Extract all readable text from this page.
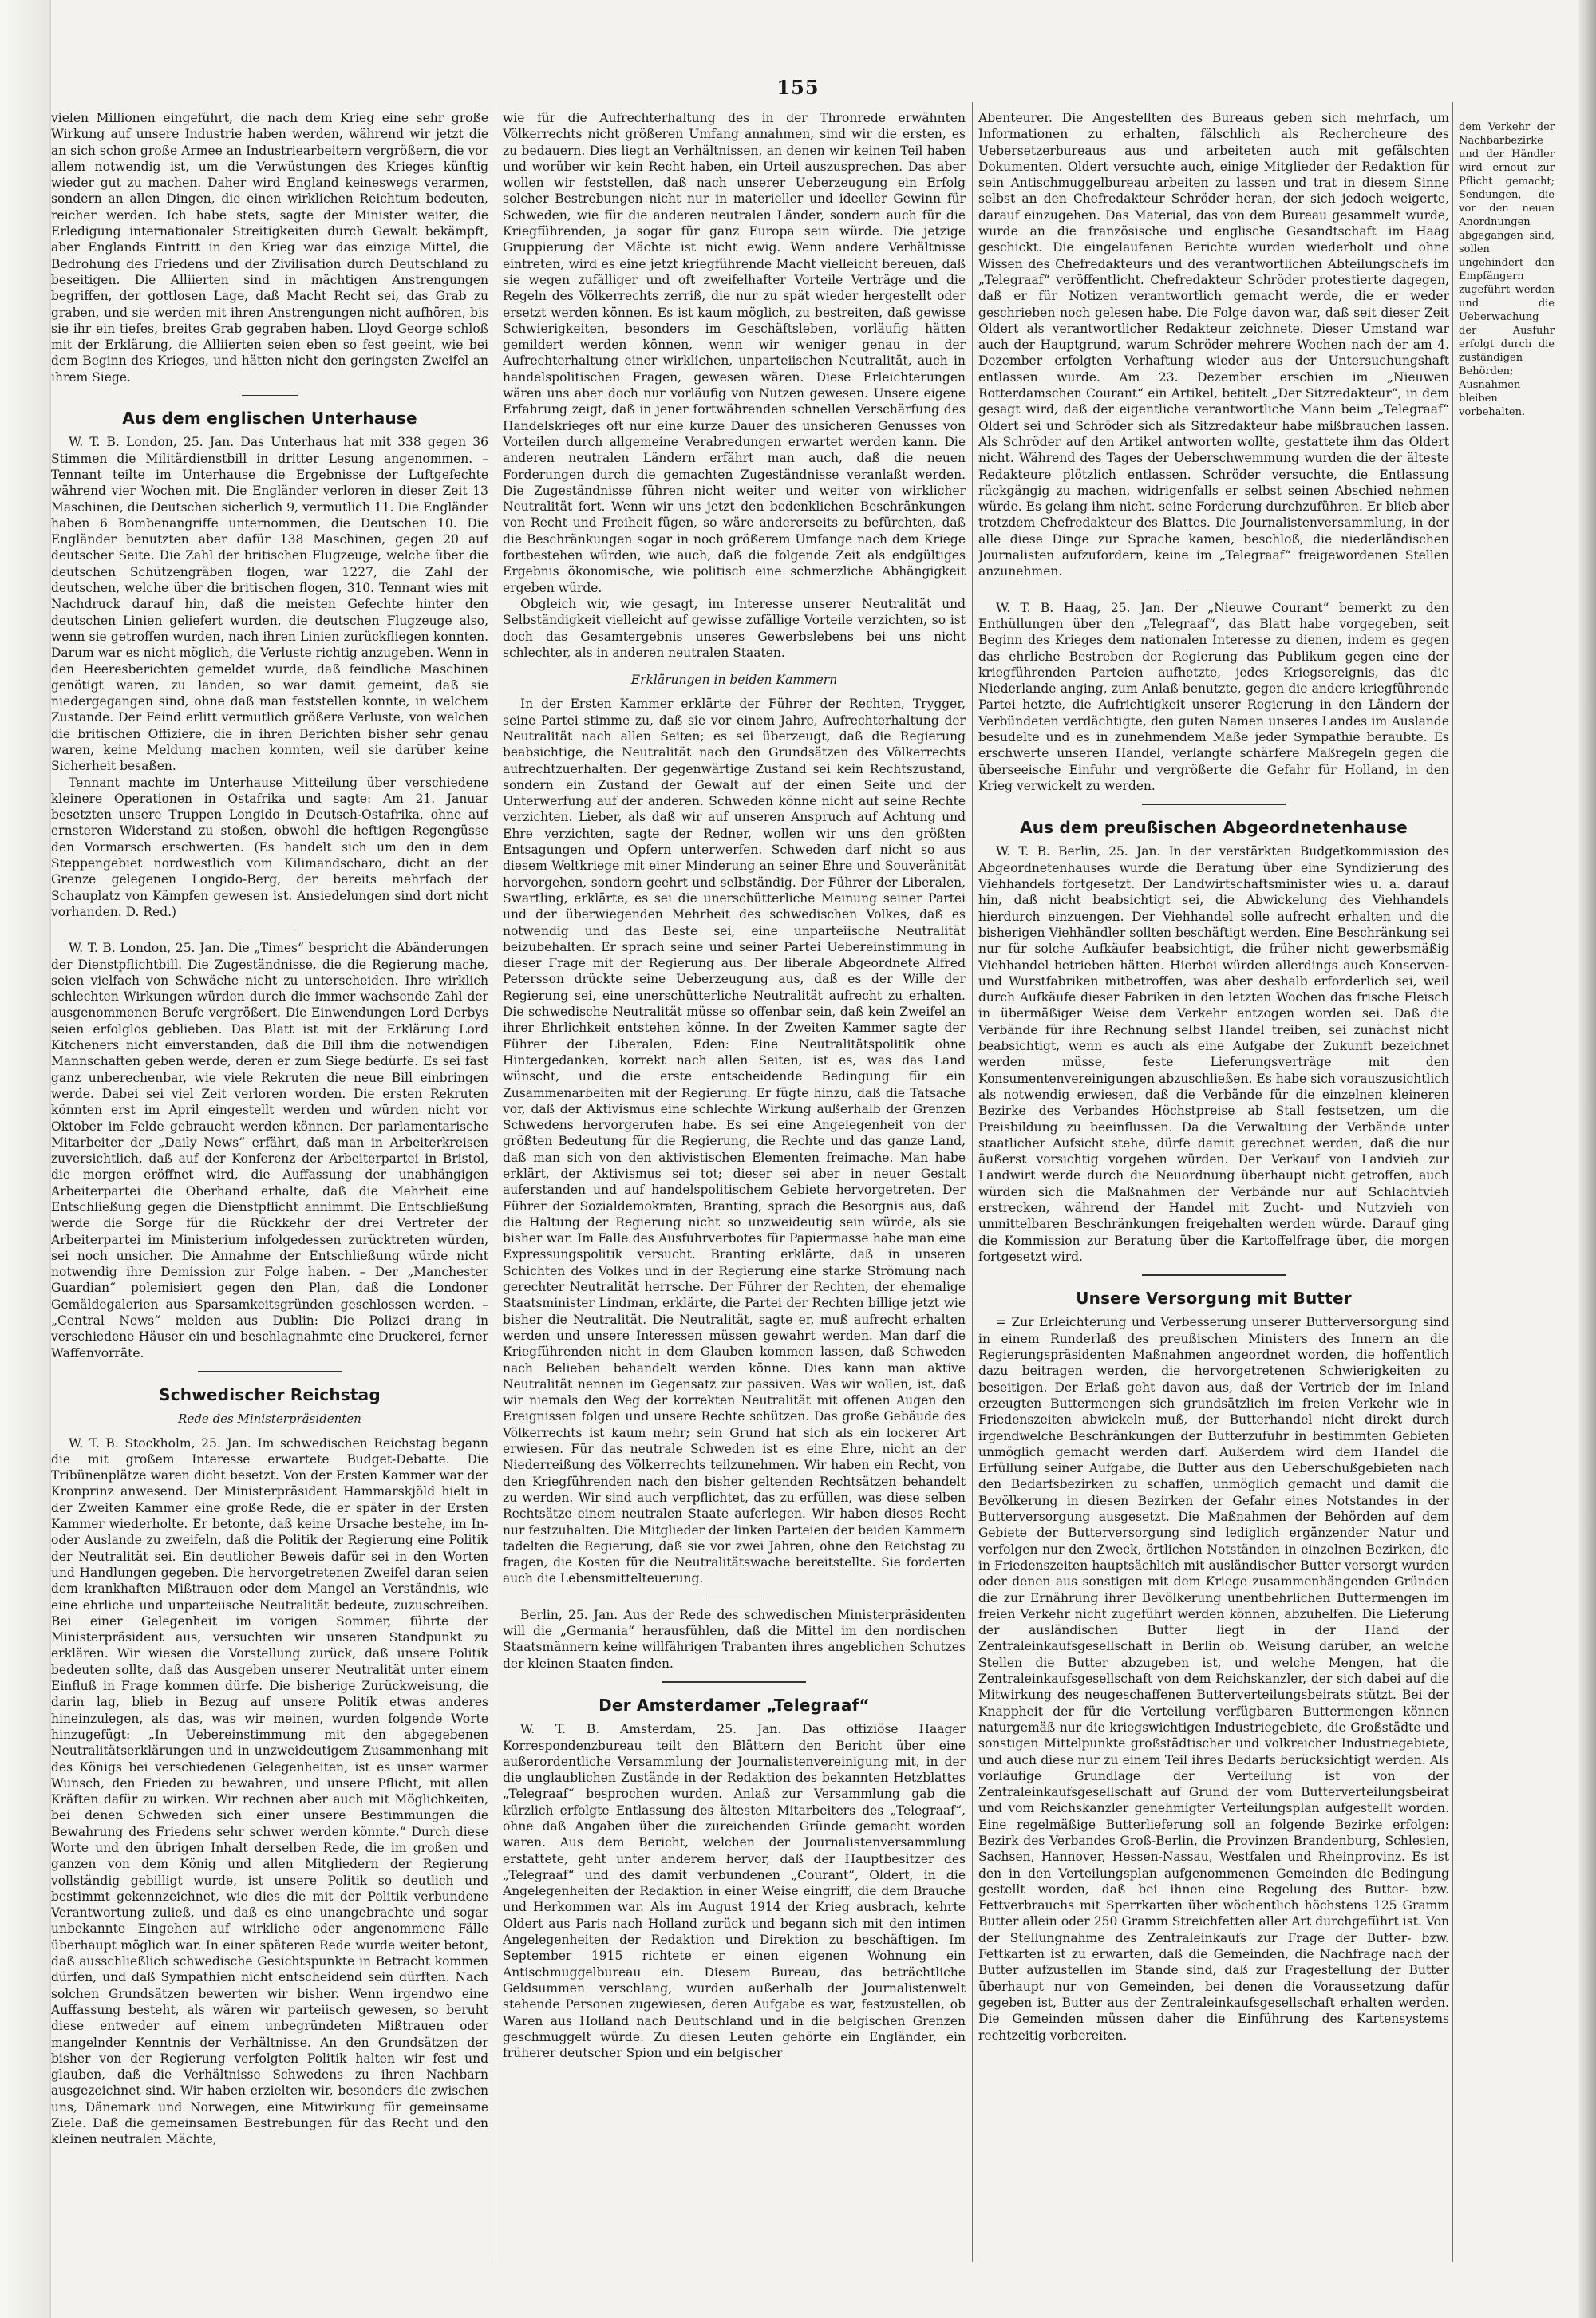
155

vielen Millionen eingeführt, die nach dem Krieg eine sehr große Wirkung auf unsere Industrie haben werden, während wir jetzt die an sich schon große Armee an Industriearbeitern vergrößern, die vor allem notwendig ist, um die Verwüstungen des Krieges künftig wieder gut zu machen. Daher wird England keineswegs verarmen, sondern an allen Dingen, die einen wirklichen Reichtum bedeuten, reicher werden. Ich habe stets, sagte der Minister weiter, die Erledigung internationaler Streitigkeiten durch Gewalt bekämpft, aber Englands Eintritt in den Krieg war das einzige Mittel, die Bedrohung des Friedens und der Zivilisation durch Deutschland zu beseitigen. Die Alliierten sind in mächtigen Anstrengungen begriffen, der gottlosen Lage, daß Macht Recht sei, das Grab zu graben, und sie werden mit ihren Anstrengungen nicht aufhören, bis sie ihr ein tiefes, breites Grab gegraben haben. Lloyd George schloß mit der Erklärung, die Alliierten seien eben so fest geeint, wie bei dem Beginn des Krieges, und hätten nicht den geringsten Zweifel an ihrem Siege.

Aus dem englischen Unterhause

W. T. B. London, 25. Jan. Das Unterhaus hat mit 338 gegen 36 Stimmen die Militärdienstbill in dritter Lesung angenommen. – Tennant teilte im Unterhause die Ergebnisse der Luftgefechte während vier Wochen mit. Die Engländer verloren in dieser Zeit 13 Maschinen, die Deutschen sicherlich 9, vermutlich 11. Die Engländer haben 6 Bombenangriffe unternommen, die Deutschen 10. Die Engländer benutzten aber dafür 138 Maschinen, gegen 20 auf deutscher Seite. Die Zahl der britischen Flugzeuge, welche über die deutschen Schützengräben flogen, war 1227, die Zahl der deutschen, welche über die britischen flogen, 310. Tennant wies mit Nachdruck darauf hin, daß die meisten Gefechte hinter den deutschen Linien geliefert wurden, die deutschen Flugzeuge also, wenn sie getroffen wurden, nach ihren Linien zurückfliegen konnten. Darum war es nicht möglich, die Verluste richtig anzugeben. Wenn in den Heeresberichten gemeldet wurde, daß feindliche Maschinen genötigt waren, zu landen, so war damit gemeint, daß sie niedergegangen sind, ohne daß man feststellen konnte, in welchem Zustande. Der Feind erlitt vermutlich größere Verluste, von welchen die britischen Offiziere, die in ihren Berichten bisher sehr genau waren, keine Meldung machen konnten, weil sie darüber keine Sicherheit besaßen.

Tennant machte im Unterhause Mitteilung über verschiedene kleinere Operationen in Ostafrika und sagte: Am 21. Januar besetzten unsere Truppen Longido in Deutsch-Ostafrika, ohne auf ernsteren Widerstand zu stoßen, obwohl die heftigen Regengüsse den Vormarsch erschwerten. (Es handelt sich um den in dem Steppengebiet nordwestlich vom Kilimandscharo, dicht an der Grenze gelegenen Longido-Berg, der bereits mehrfach der Schauplatz von Kämpfen gewesen ist. Ansiedelungen sind dort nicht vorhanden. D. Red.)

W. T. B. London, 25. Jan. Die „Times“ bespricht die Abänderungen der Dienstpflichtbill. Die Zugeständnisse, die die Regierung mache, seien vielfach von Schwäche nicht zu unterscheiden. Ihre wirklich schlechten Wirkungen würden durch die immer wachsende Zahl der ausgenommenen Berufe vergrößert. Die Einwendungen Lord Derbys seien erfolglos geblieben. Das Blatt ist mit der Erklärung Lord Kitcheners nicht einverstanden, daß die Bill ihm die notwendigen Mannschaften geben werde, deren er zum Siege bedürfe. Es sei fast ganz unberechenbar, wie viele Rekruten die neue Bill einbringen werde. Dabei sei viel Zeit verloren worden. Die ersten Rekruten könnten erst im April eingestellt werden und würden nicht vor Oktober im Felde gebraucht werden können. Der parlamentarische Mitarbeiter der „Daily News“ erfährt, daß man in Arbeiterkreisen zuversichtlich, daß auf der Konferenz der Arbeiterpartei in Bristol, die morgen eröffnet wird, die Auffassung der unabhängigen Arbeiterpartei die Oberhand erhalte, daß die Mehrheit eine Entschließung gegen die Dienstpflicht annimmt. Die Entschließung werde die Sorge für die Rückkehr der drei Vertreter der Arbeiterpartei im Ministerium infolgedessen zurücktreten würden, sei noch unsicher. Die Annahme der Entschließung würde nicht notwendig ihre Demission zur Folge haben. – Der „Manchester Guardian“ polemisiert gegen den Plan, daß die Londoner Gemäldegalerien aus Sparsamkeitsgründen geschlossen werden. – „Central News“ melden aus Dublin: Die Polizei drang in verschiedene Häuser ein und beschlagnahmte eine Druckerei, ferner Waffenvorräte.

Schwedischer Reichstag
Rede des Ministerpräsidenten

W. T. B. Stockholm, 25. Jan. Im schwedischen Reichstag begann die mit großem Interesse erwartete Budget-Debatte. Die Tribünenplätze waren dicht besetzt. Von der Ersten Kammer war der Kronprinz anwesend. Der Ministerpräsident Hammarskjöld hielt in der Zweiten Kammer eine große Rede, die er später in der Ersten Kammer wiederholte. Er betonte, daß keine Ursache bestehe, im In- oder Auslande zu zweifeln, daß die Politik der Regierung eine Politik der Neutralität sei. Ein deutlicher Beweis dafür sei in den Worten und Handlungen gegeben. Die hervorgetretenen Zweifel daran seien dem krankhaften Mißtrauen oder dem Mangel an Verständnis, wie eine ehrliche und unparteiische Neutralität bedeute, zuzuschreiben. Bei einer Gelegenheit im vorigen Sommer, führte der Ministerpräsident aus, versuchten wir unseren Standpunkt zu erklären. Wir wiesen die Vorstellung zurück, daß unsere Politik bedeuten sollte, daß das Ausgeben unserer Neutralität unter einem Einfluß in Frage kommen dürfe. Die bisherige Zurückweisung, die darin lag, blieb in Bezug auf unsere Politik etwas anderes hineinzulegen, als das, was wir meinen, wurden folgende Worte hinzugefügt: „In Uebereinstimmung mit den abgegebenen Neutralitätserklärungen und in unzweideutigem Zusammenhang mit des Königs bei verschiedenen Gelegenheiten, ist es unser warmer Wunsch, den Frieden zu bewahren, und unsere Pflicht, mit allen Kräften dafür zu wirken. Wir rechnen aber auch mit Möglichkeiten, bei denen Schweden sich einer unsere Bestimmungen die Bewahrung des Friedens sehr schwer werden könnte.“ Durch diese Worte und den übrigen Inhalt derselben Rede, die im großen und ganzen von dem König und allen Mitgliedern der Regierung vollständig gebilligt wurde, ist unsere Politik so deutlich und bestimmt gekennzeichnet, wie dies die mit der Politik verbundene Verantwortung zuließ, und daß es eine unangebrachte und sogar unbekannte Eingehen auf wirkliche oder angenommene Fälle überhaupt möglich war. In einer späteren Rede wurde weiter betont, daß ausschließlich schwedische Gesichtspunkte in Betracht kommen dürfen, und daß Sympathien nicht entscheidend sein dürften. Nach solchen Grundsätzen bewerten wir bisher. Wenn irgendwo eine Auffassung besteht, als wären wir parteiisch gewesen, so beruht diese entweder auf einem unbegründeten Mißtrauen oder mangelnder Kenntnis der Verhältnisse. An den Grundsätzen der bisher von der Regierung verfolgten Politik halten wir fest und glauben, daß die Verhältnisse Schwedens zu ihren Nachbarn ausgezeichnet sind. Wir haben erzielten wir, besonders die zwischen uns, Dänemark und Norwegen, eine Mitwirkung für gemeinsame Ziele. Daß die gemeinsamen Bestrebungen für das Recht und den kleinen neutralen Mächte,

wie für die Aufrechterhaltung des in der Thronrede erwähnten Völkerrechts nicht größeren Umfang annahmen, sind wir die ersten, es zu bedauern. Dies liegt an Verhältnissen, an denen wir keinen Teil haben und worüber wir kein Recht haben, ein Urteil auszusprechen. Das aber wollen wir feststellen, daß nach unserer Ueberzeugung ein Erfolg solcher Bestrebungen nicht nur in materieller und ideeller Gewinn für Schweden, wie für die anderen neutralen Länder, sondern auch für die Kriegführenden, ja sogar für ganz Europa sein würde. Die jetzige Gruppierung der Mächte ist nicht ewig. Wenn andere Verhältnisse eintreten, wird es eine jetzt kriegführende Macht vielleicht bereuen, daß sie wegen zufälliger und oft zweifelhafter Vorteile Verträge und die Regeln des Völkerrechts zerriß, die nur zu spät wieder hergestellt oder ersetzt werden können. Es ist kaum möglich, zu bestreiten, daß gewisse Schwierigkeiten, besonders im Geschäftsleben, vorläufig hätten gemildert werden können, wenn wir weniger genau in der Aufrechterhaltung einer wirklichen, unparteiischen Neutralität, auch in handelspolitischen Fragen, gewesen wären. Diese Erleichterungen wären uns aber doch nur vorläufig von Nutzen gewesen. Unsere eigene Erfahrung zeigt, daß in jener fortwährenden schnellen Verschärfung des Handelskrieges oft nur eine kurze Dauer des unsicheren Genusses von Vorteilen durch allgemeine Verabredungen erwartet werden kann. Die anderen neutralen Ländern erfährt man auch, daß die neuen Forderungen durch die gemachten Zugeständnisse veranlaßt werden. Die Zugeständnisse führen nicht weiter und weiter von wirklicher Neutralität fort. Wenn wir uns jetzt den bedenklichen Beschränkungen von Recht und Freiheit fügen, so wäre andererseits zu befürchten, daß die Beschränkungen sogar in noch größerem Umfange nach dem Kriege fortbestehen würden, wie auch, daß die folgende Zeit als endgültiges Ergebnis ökonomische, wie politisch eine schmerzliche Abhängigkeit ergeben würde.

Obgleich wir, wie gesagt, im Interesse unserer Neutralität und Selbständigkeit vielleicht auf gewisse zufällige Vorteile verzichten, so ist doch das Gesamtergebnis unseres Gewerbslebens bei uns nicht schlechter, als in anderen neutralen Staaten.

Erklärungen in beiden Kammern

In der Ersten Kammer erklärte der Führer der Rechten, Trygger, seine Partei stimme zu, daß sie vor einem Jahre, Aufrechterhaltung der Neutralität nach allen Seiten; es sei überzeugt, daß die Regierung beabsichtige, die Neutralität nach den Grundsätzen des Völkerrechts aufrechtzuerhalten. Der gegenwärtige Zustand sei kein Rechtszustand, sondern ein Zustand der Gewalt auf der einen Seite und der Unterwerfung auf der anderen. Schweden könne nicht auf seine Rechte verzichten. Lieber, als daß wir auf unseren Anspruch auf Achtung und Ehre verzichten, sagte der Redner, wollen wir uns den größten Entsagungen und Opfern unterwerfen. Schweden darf nicht so aus diesem Weltkriege mit einer Minderung an seiner Ehre und Souveränität hervorgehen, sondern geehrt und selbständig. Der Führer der Liberalen, Swartling, erklärte, es sei die unerschütterliche Meinung seiner Partei und der überwiegenden Mehrheit des schwedischen Volkes, daß es notwendig und das Beste sei, eine unparteiische Neutralität beizubehalten. Er sprach seine und seiner Partei Uebereinstimmung in dieser Frage mit der Regierung aus. Der liberale Abgeordnete Alfred Petersson drückte seine Ueberzeugung aus, daß es der Wille der Regierung sei, eine unerschütterliche Neutralität aufrecht zu erhalten. Die schwedische Neutralität müsse so offenbar sein, daß kein Zweifel an ihrer Ehrlichkeit entstehen könne. In der Zweiten Kammer sagte der Führer der Liberalen, Eden: Eine Neutralitätspolitik ohne Hintergedanken, korrekt nach allen Seiten, ist es, was das Land wünscht, und die erste entscheidende Bedingung für ein Zusammenarbeiten mit der Regierung. Er fügte hinzu, daß die Tatsache vor, daß der Aktivismus eine schlechte Wirkung außerhalb der Grenzen Schwedens hervorgerufen habe. Es sei eine Angelegenheit von der größten Bedeutung für die Regierung, die Rechte und das ganze Land, daß man sich von den aktivistischen Elementen freimache. Man habe erklärt, der Aktivismus sei tot; dieser sei aber in neuer Gestalt auferstanden und auf handelspolitischem Gebiete hervorgetreten. Der Führer der Sozialdemokraten, Branting, sprach die Besorgnis aus, daß die Haltung der Regierung nicht so unzweideutig sein würde, als sie bisher war. Im Falle des Ausfuhrverbotes für Papiermasse habe man eine Expressungspolitik versucht. Branting erklärte, daß in unseren Schichten des Volkes und in der Regierung eine starke Strömung nach gerechter Neutralität herrsche. Der Führer der Rechten, der ehemalige Staatsminister Lindman, erklärte, die Partei der Rechten billige jetzt wie bisher die Neutralität. Die Neutralität, sagte er, muß aufrecht erhalten werden und unsere Interessen müssen gewahrt werden. Man darf die Kriegführenden nicht in dem Glauben kommen lassen, daß Schweden nach Belieben behandelt werden könne. Dies kann man aktive Neutralität nennen im Gegensatz zur passiven. Was wir wollen, ist, daß wir niemals den Weg der korrekten Neutralität mit offenen Augen den Ereignissen folgen und unsere Rechte schützen. Das große Gebäude des Völkerrechts ist kaum mehr; sein Grund hat sich als ein lockerer Art erwiesen. Für das neutrale Schweden ist es eine Ehre, nicht an der Niederreißung des Völkerrechts teilzunehmen. Wir haben ein Recht, von den Kriegführenden nach den bisher geltenden Rechtsätzen behandelt zu werden. Wir sind auch verpflichtet, das zu erfüllen, was diese selben Rechtsätze einem neutralen Staate auferlegen. Wir haben dieses Recht nur festzuhalten. Die Mitglieder der linken Parteien der beiden Kammern tadelten die Regierung, daß sie vor zwei Jahren, ohne den Reichstag zu fragen, die Kosten für die Neutralitätswache bereitstellte. Sie forderten auch die Lebensmittelteuerung.

Berlin, 25. Jan. Aus der Rede des schwedischen Ministerpräsidenten will die „Germania“ herausfühlen, daß die Mittel im den nordischen Staatsmännern keine willfährigen Trabanten ihres angeblichen Schutzes der kleinen Staaten finden.

Der Amsterdamer „Telegraaf“

W. T. B. Amsterdam, 25. Jan. Das offiziöse Haager Korrespondenzbureau teilt den Blättern den Bericht über eine außerordentliche Versammlung der Journalistenvereinigung mit, in der die unglaublichen Zustände in der Redaktion des bekannten Hetzblattes „Telegraaf“ besprochen wurden. Anlaß zur Versammlung gab die kürzlich erfolgte Entlassung des ältesten Mitarbeiters des „Telegraaf“, ohne daß Angaben über die zureichenden Gründe gemacht worden waren. Aus dem Bericht, welchen der Journalistenversammlung erstattete, geht unter anderem hervor, daß der Hauptbesitzer des „Telegraaf“ und des damit verbundenen „Courant“, Oldert, in die Angelegenheiten der Redaktion in einer Weise eingriff, die dem Brauche und Herkommen war. Als im August 1914 der Krieg ausbrach, kehrte Oldert aus Paris nach Holland zurück und begann sich mit den intimen Angelegenheiten der Redaktion und Direktion zu beschäftigen. Im September 1915 richtete er einen eigenen Wohnung ein Antischmuggelbureau ein. Diesem Bureau, das beträchtliche Geldsummen verschlang, wurden außerhalb der Journalistenwelt stehende Personen zugewiesen, deren Aufgabe es war, festzustellen, ob Waren aus Holland nach Deutschland und in die belgischen Grenzen geschmuggelt würde. Zu diesen Leuten gehörte ein Engländer, ein früherer deutscher Spion und ein belgischer

Abenteurer. Die Angestellten des Bureaus geben sich mehrfach, um Informationen zu erhalten, fälschlich als Rechercheure des Uebersetzerbureaus aus und arbeiteten auch mit gefälschten Dokumenten. Oldert versuchte auch, einige Mitglieder der Redaktion für sein Antischmuggelbureau arbeiten zu lassen und trat in diesem Sinne selbst an den Chefredakteur Schröder heran, der sich jedoch weigerte, darauf einzugehen. Das Material, das von dem Bureau gesammelt wurde, wurde an die französische und englische Gesandtschaft im Haag geschickt. Die eingelaufenen Berichte wurden wiederholt und ohne Wissen des Chefredakteurs und des verantwortlichen Abteilungschefs im „Telegraaf“ veröffentlicht. Chefredakteur Schröder protestierte dagegen, daß er für Notizen verantwortlich gemacht werde, die er weder geschrieben noch gelesen habe. Die Folge davon war, daß seit dieser Zeit Oldert als verantwortlicher Redakteur zeichnete. Dieser Umstand war auch der Hauptgrund, warum Schröder mehrere Wochen nach der am 4. Dezember erfolgten Verhaftung wieder aus der Untersuchungshaft entlassen wurde. Am 23. Dezember erschien im „Nieuwen Rotterdamschen Courant“ ein Artikel, betitelt „Der Sitzredakteur“, in dem gesagt wird, daß der eigentliche verantwortliche Mann beim „Telegraaf“ Oldert sei und Schröder sich als Sitzredakteur habe mißbrauchen lassen. Als Schröder auf den Artikel antworten wollte, gestattete ihm das Oldert nicht. Während des Tages der Ueberschwemmung wurden die der älteste Redakteure plötzlich entlassen. Schröder versuchte, die Entlassung rückgängig zu machen, widrigenfalls er selbst seinen Abschied nehmen würde. Es gelang ihm nicht, seine Forderung durchzuführen. Er blieb aber trotzdem Chefredakteur des Blattes. Die Journalistenversammlung, in der alle diese Dinge zur Sprache kamen, beschloß, die niederländischen Journalisten aufzufordern, keine im „Telegraaf“ freigewordenen Stellen anzunehmen.

W. T. B. Haag, 25. Jan. Der „Nieuwe Courant“ bemerkt zu den Enthüllungen über den „Telegraaf“, das Blatt habe vorgegeben, seit Beginn des Krieges dem nationalen Interesse zu dienen, indem es gegen das ehrliche Bestreben der Regierung das Publikum gegen eine der kriegführenden Parteien aufhetzte, jedes Kriegsereignis, das die Niederlande anging, zum Anlaß benutzte, gegen die andere kriegführende Partei hetzte, die Aufrichtigkeit unserer Regierung in den Ländern der Verbündeten verdächtigte, den guten Namen unseres Landes im Auslande besudelte und es in zunehmendem Maße jeder Sympathie beraubte. Es erschwerte unseren Handel, verlangte schärfere Maßregeln gegen die überseeische Einfuhr und vergrößerte die Gefahr für Holland, in den Krieg verwickelt zu werden.

Aus dem preußischen Abgeordnetenhause

W. T. B. Berlin, 25. Jan. In der verstärkten Budgetkommission des Abgeordnetenhauses wurde die Beratung über eine Syndizierung des Viehhandels fortgesetzt. Der Landwirtschaftsminister wies u. a. darauf hin, daß nicht beabsichtigt sei, die Abwickelung des Viehhandels hierdurch einzuengen. Der Viehhandel solle aufrecht erhalten und die bisherigen Viehhändler sollten beschäftigt werden. Eine Beschränkung sei nur für solche Aufkäufer beabsichtigt, die früher nicht gewerbsmäßig Viehhandel betrieben hätten. Hierbei würden allerdings auch Konserven- und Wurstfabriken mitbetroffen, was aber deshalb erforderlich sei, weil durch Aufkäufe dieser Fabriken in den letzten Wochen das frische Fleisch in übermäßiger Weise dem Verkehr entzogen worden sei. Daß die Verbände für ihre Rechnung selbst Handel treiben, sei zunächst nicht beabsichtigt, wenn es auch als eine Aufgabe der Zukunft bezeichnet werden müsse, feste Lieferungsverträge mit den Konsumentenvereinigungen abzuschließen. Es habe sich vorauszusichtlich als notwendig erwiesen, daß die Verbände für die einzelnen kleineren Bezirke des Verbandes Höchstpreise ab Stall festsetzen, um die Preisbildung zu beeinflussen. Da die Verwaltung der Verbände unter staatlicher Aufsicht stehe, dürfe damit gerechnet werden, daß die nur äußerst vorsichtig vorgehen würden. Der Verkauf von Landvieh zur Landwirt werde durch die Neuordnung überhaupt nicht getroffen, auch würden sich die Maßnahmen der Verbände nur auf Schlachtvieh erstrecken, während der Handel mit Zucht- und Nutzvieh von unmittelbaren Beschränkungen freigehalten werden würde. Darauf ging die Kommission zur Beratung über die Kartoffelfrage über, die morgen fortgesetzt wird.

Unsere Versorgung mit Butter

= Zur Erleichterung und Verbesserung unserer Butterversorgung sind in einem Runderlaß des preußischen Ministers des Innern an die Regierungspräsidenten Maßnahmen angeordnet worden, die hoffentlich dazu beitragen werden, die hervorgetretenen Schwierigkeiten zu beseitigen. Der Erlaß geht davon aus, daß der Vertrieb der im Inland erzeugten Buttermengen sich grundsätzlich im freien Verkehr wie in Friedenszeiten abwickeln muß, der Butterhandel nicht direkt durch irgendwelche Beschränkungen der Butterzufuhr in bestimmten Gebieten unmöglich gemacht werden darf. Außerdem wird dem Handel die Erfüllung seiner Aufgabe, die Butter aus den Ueberschußgebieten nach den Bedarfsbezirken zu schaffen, unmöglich gemacht und damit die Bevölkerung in diesen Bezirken der Gefahr eines Notstandes in der Butterversorgung ausgesetzt. Die Maßnahmen der Behörden auf dem Gebiete der Butterversorgung sind lediglich ergänzender Natur und verfolgen nur den Zweck, örtlichen Notständen in einzelnen Bezirken, die in Friedenszeiten hauptsächlich mit ausländischer Butter versorgt wurden oder denen aus sonstigen mit dem Kriege zusammenhängenden Gründen die zur Ernährung ihrer Bevölkerung unentbehrlichen Buttermengen im freien Verkehr nicht zugeführt werden können, abzuhelfen. Die Lieferung der ausländischen Butter liegt in der Hand der Zentraleinkaufsgesellschaft in Berlin ob. Weisung darüber, an welche Stellen die Butter abzugeben ist, und welche Mengen, hat die Zentraleinkaufsgesellschaft von dem Reichskanzler, der sich dabei auf die Mitwirkung des neugeschaffenen Butterverteilungsbeirats stützt. Bei der Knappheit der für die Verteilung verfügbaren Buttermengen können naturgemäß nur die kriegswichtigen Industriegebiete, die Großstädte und sonstigen Mittelpunkte großstädtischer und volkreicher Industriegebiete, und auch diese nur zu einem Teil ihres Bedarfs berücksichtigt werden. Als vorläufige Grundlage der Verteilung ist von der Zentraleinkaufsgesellschaft auf Grund der vom Butterverteilungsbeirat und vom Reichskanzler genehmigter Verteilungsplan aufgestellt worden. Eine regelmäßige Butterlieferung soll an folgende Bezirke erfolgen: Bezirk des Verbandes Groß-Berlin, die Provinzen Brandenburg, Schlesien, Sachsen, Hannover, Hessen-Nassau, Westfalen und Rheinprovinz. Es ist den in den Verteilungsplan aufgenommenen Gemeinden die Bedingung gestellt worden, daß bei ihnen eine Regelung des Butter- bzw. Fettverbrauchs mit Sperrkarten über wöchentlich höchstens 125 Gramm Butter allein oder 250 Gramm Streichfetten aller Art durchgeführt ist. Von der Stellungnahme des Zentraleinkaufs zur Frage der Butter- bzw. Fettkarten ist zu erwarten, daß die Gemeinden, die Nachfrage nach der Butter aufzustellen im Stande sind, daß zur Fragestellung der Butter überhaupt nur von Gemeinden, bei denen die Voraussetzung dafür gegeben ist, Butter aus der Zentraleinkaufsgesellschaft erhalten werden. Die Gemeinden müssen daher die Einführung des Kartensystems rechtzeitig vorbereiten.

dem Verkehr der Nachbarbezirke und der Händler wird erneut zur Pflicht gemacht; Sendungen, die vor den neuen Anordnungen abgegangen sind, sollen ungehindert den Empfängern zugeführt werden und die Ueberwachung der Ausfuhr erfolgt durch die zuständigen Behörden; Ausnahmen bleiben vorbehalten.
